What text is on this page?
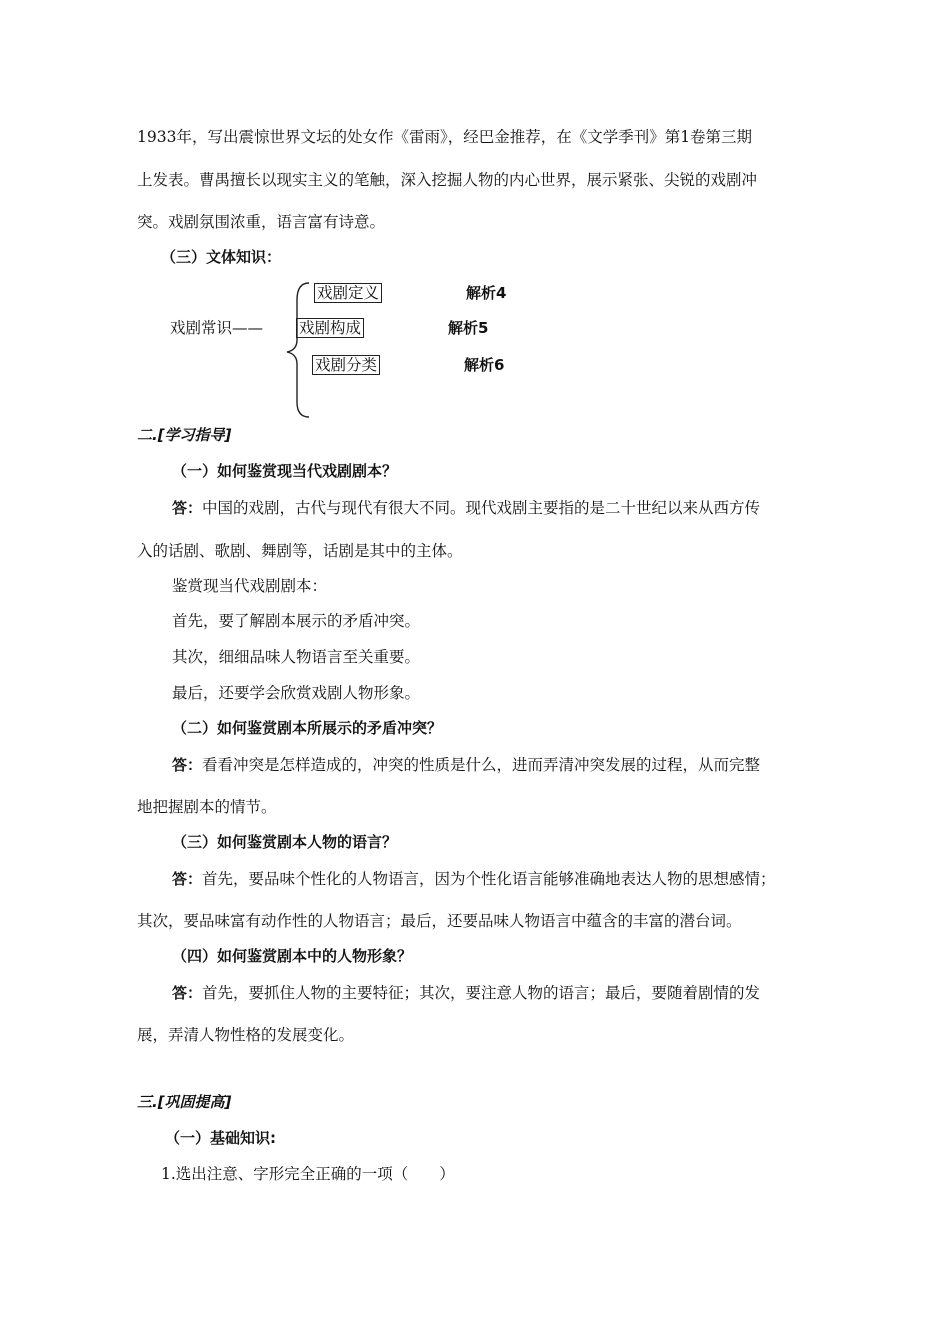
1933年，写出震惊世界文坛的处女作《雷雨》，经巴金推荐，在《文学季刊》第1卷第三期
上发表。曹禺擅长以现实主义的笔触，深入挖掘人物的内心世界，展示紧张、尖锐的戏剧冲
突。戏剧氛围浓重，语言富有诗意。
（三）文体知识：
戏剧常识——
戏剧定义	解析4
戏剧构成	解析5
戏剧分类	解析6
二.[学习指导]
（一）如何鉴赏现当代戏剧剧本？
答：中国的戏剧，古代与现代有很大不同。现代戏剧主要指的是二十世纪以来从西方传
入的话剧、歌剧、舞剧等，话剧是其中的主体。
鉴赏现当代戏剧剧本：
首先，要了解剧本展示的矛盾冲突。
其次，细细品味人物语言至关重要。
最后，还要学会欣赏戏剧人物形象。
（二）如何鉴赏剧本所展示的矛盾冲突？
答：看看冲突是怎样造成的，冲突的性质是什么，进而弄清冲突发展的过程，从而完整
地把握剧本的情节。
（三）如何鉴赏剧本人物的语言？
答：首先，要品味个性化的人物语言，因为个性化语言能够准确地表达人物的思想感情；
其次，要品味富有动作性的人物语言；最后，还要品味人物语言中蕴含的丰富的潜台词。
（四）如何鉴赏剧本中的人物形象？
答：首先，要抓住人物的主要特征；其次，要注意人物的语言；最后，要随着剧情的发
展，弄清人物性格的发展变化。
三.[巩固提高]
（一）基础知识:
1.选出注意、字形完全正确的一项（　　）
